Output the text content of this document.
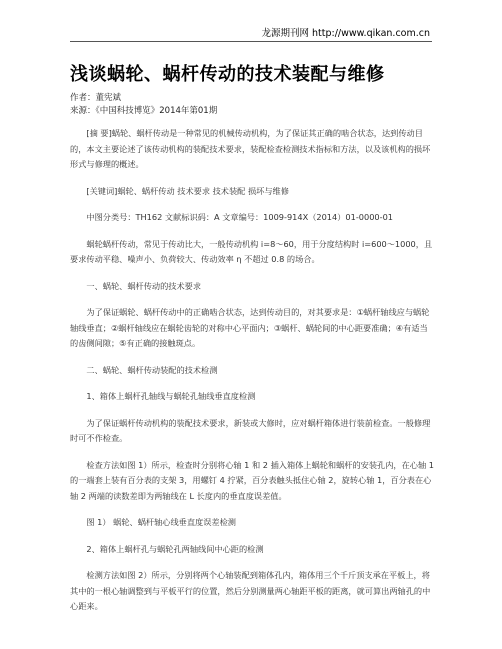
龙源期刊网 http://www.qikan.com.cn
浅谈蜗轮、蜗杆传动的技术装配与维修
作者：董宪斌
来源：《中国科技博览》2014年第01期

[摘 要]蜗轮、蜗杆传动是一种常见的机械传动机构，为了保证其正确的啮合状态，达到传动目的，本文主要论述了该传动机构的装配技术要求，装配检查检测技术指标和方法，以及该机构的损坏形式与修理的概述。

[关键词]蜗轮、蜗杆传动 技术要求 技术装配 损坏与维修

中图分类号：TH162 文献标识码：A 文章编号：1009-914X（2014）01-0000-01

蜗轮蜗杆传动，常见于传动比大，一般传动机构 i=8～60，用于分度结构时 i=600～1000，且要求传动平稳、噪声小、负荷较大、传动效率 η 不超过 0.8 的场合。

一、蜗轮、蜗杆传动的技术要求

为了保证蜗轮、蜗杆传动中的正确啮合状态，达到传动目的，对其要求是：①蜗杆轴线应与蜗轮轴线垂直；②蜗杆轴线应在蜗轮齿轮的对称中心平面内；③蜗杆、蜗轮间的中心距要准确；④有适当的齿侧间隙；⑤有正确的接触斑点。

二、蜗轮、蜗杆传动装配的技术检测

1、箱体上蜗杆孔轴线与蜗轮孔轴线垂直度检测

为了保证蜗杆传动机构的装配技术要求，新装或大修时，应对蜗杆箱体进行装前检查。一般修理时可不作检查。

检查方法如图 1）所示，检查时分别将心轴 1 和 2 插入箱体上蜗轮和蜗杆的安装孔内，在心轴 1 的一端套上装有百分表的支架 3，用螺钉 4 拧紧，百分表触头抵住心轴 2，旋转心轴 1，百分表在心轴 2 两端的读数差即为两轴线在 L 长度内的垂直度误差值。

图 1） 蜗轮、蜗杆轴心线垂直度误差检测

2、箱体上蜗杆孔与蜗轮孔两轴线间中心距的检测

检测方法如图 2）所示，分别将两个心轴装配到箱体孔内，箱体用三个千斤顶支承在平板上，将其中的一根心轴调整到与平板平行的位置，然后分别测量两心轴距平板的距离，就可算出两轴孔的中心距来。
